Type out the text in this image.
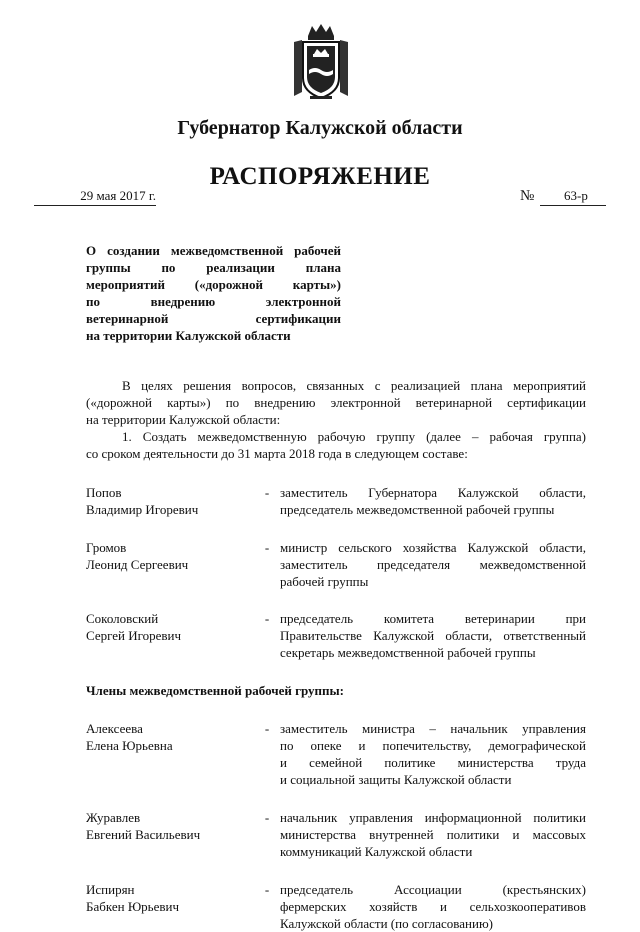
Губернатор Калужской области
РАСПОРЯЖЕНИЕ
29 мая 2017 г.	№	63-р
О создании межведомственной рабочей
группы по реализации плана
мероприятий («дорожной карты»)
по внедрению электронной
ветеринарной сертификации
на территории Калужской области
В целях решения вопросов, связанных с реализацией плана мероприятий
(«дорожной карты») по внедрению электронной ветеринарной сертификации
на территории Калужской области:
1. Создать межведомственную рабочую группу (далее – рабочая группа)
со сроком деятельности до 31 марта 2018 года в следующем составе:
Попов
Владимир Игоревич
- заместитель Губернатора Калужской области,
председатель межведомственной рабочей группы
Громов
Леонид Сергеевич
- министр сельского хозяйства Калужской области,
заместитель председателя межведомственной
рабочей группы
Соколовский
Сергей Игоревич
- председатель комитета ветеринарии при
Правительстве Калужской области, ответственный
секретарь межведомственной рабочей группы
Члены межведомственной рабочей группы:
Алексеева
Елена Юрьевна
- заместитель министра – начальник управления
по опеке и попечительству, демографической
и семейной политике министерства труда
и социальной защиты Калужской области
Журавлев
Евгений Васильевич
- начальник управления информационной политики
министерства внутренней политики и массовых
коммуникаций Калужской области
Испирян
Бабкен Юрьевич
- председатель Ассоциации (крестьянских)
фермерских хозяйств и сельхозкооперативов
Калужской области (по согласованию)
